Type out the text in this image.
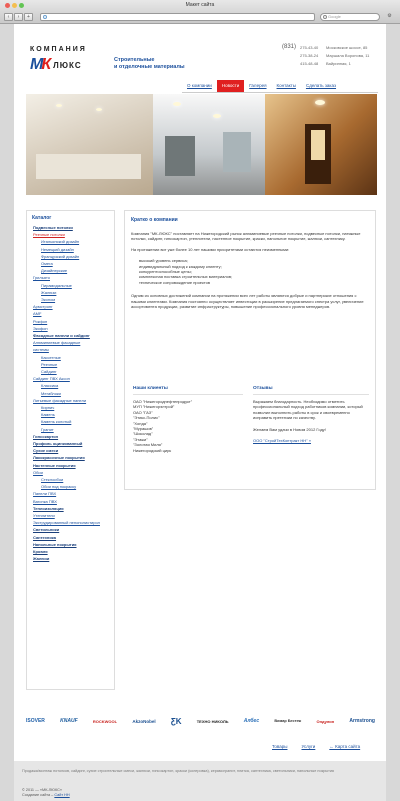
Макет сайта
‹	›	+	Google	⚙
КОМПАНИЯ
М
К ЛЮКС
Строительные
и отделочные материалы
(831) 275-43-40	Московское шоссе, 85
275-38-24	Маршала Воронова, 11
415-48-48	Вайринная, 1
О компании	Новости	Галерея	Контакты	Сделать заказ
Каталог
Подвесные потолки
Реечные потолки
Итальянский дизайн
Немецкий дизайн
Французский дизайн
Омега
Дизайнерские
Грильято
Пирамидальные
Жалюзи
Эконом
Армстронг
AMF
Рокфон
Экофон
Фасадные панели и сайдинг
Алюминиевые фасадные
системы
Кассетные
Реечные
Сайдинг
Сайдинг ПВХ Аксон
Классика
Мегаблоки
Литьевые фасадные панели
Кирпич
Камень
Камень колотый
Гранит
Гипсокартон
Профиль оцинкованный
Сухие смеси
Лакокрасочные покрытия
Настенные покрытия
Обои
Стеклообои
Обои под покраску
Панели ПВХ
Вагонка ПВХ
Теплоизоляция
Утеплители
Экструдированный пенополистирол
Светильники
Сантехника
Напольные покрытия
Кровля
Жалюзи
Кратко о компании

Компания "МК-ЛЮКС" поставляет на Нижегородский рынок алюминиевые реечные потолки, подвесные потолки, натяжные потолки, сайдинг, гипсокартон, утеплители, настенное покрытие, краски, напольное покрытие, жалюзи, сантехнику.

На протяжении вот уже более 10 лет нашими приоритетами остаются неизменными:

высокий уровень сервиса;
индивидуальный подход к каждому клиенту;
конкурентоспособные цены;
комплексная поставка строительных материалов;
техническое сопровождение проектов

Одним из основных достижений компании на протяжении всех лет работы являются добрые и партнерские отношения с нашими клиентами. Компания постоянно осуществляет инвестиции в расширение предлагаемого спектра услуг, увеличение ассортимента продукции, развитие инфраструктуры, повышение профессионального уровня менеджеров.

Наши клиенты
ОАО "Нижегороднефтепродукт"
МУП "Нижегорэлтрой"
ОАО "ГАЗ"
"Этикс-Полис"
"Хонда"
"Мурашов"
"Шоколад"
"Этажи"
"Золотая Миля"
Нижегородский цирк
Отзывы

Выражаем благодарность. Необходимо отметить профессиональный подход работников компании, который позволил выполнить работы в срок и своевременно исправить претензии по качеству.

Желаем Вам удачи в Новом 2012 Году!

ООО "СтройТехКонтракт НН" »
ISOVER	KNAUF	ROCKWOOL	AkzoNobel ƸK	ТЕХНО НИКОЛЬ	Албес	Вимар Бестеж	Ондулин	Armstrong
Товары	Услуги	← Карта сайта
Продажа/монтаж потолков, сайдинг, сухие строительные смеси, жалюзи, гипсокартон, краски (колеровка), керамогранит, плитка, сантехника, светильники, напольные покрытия
© 2011 — «МК-ЛЮКС»
Создание сайта – Сайт НН
